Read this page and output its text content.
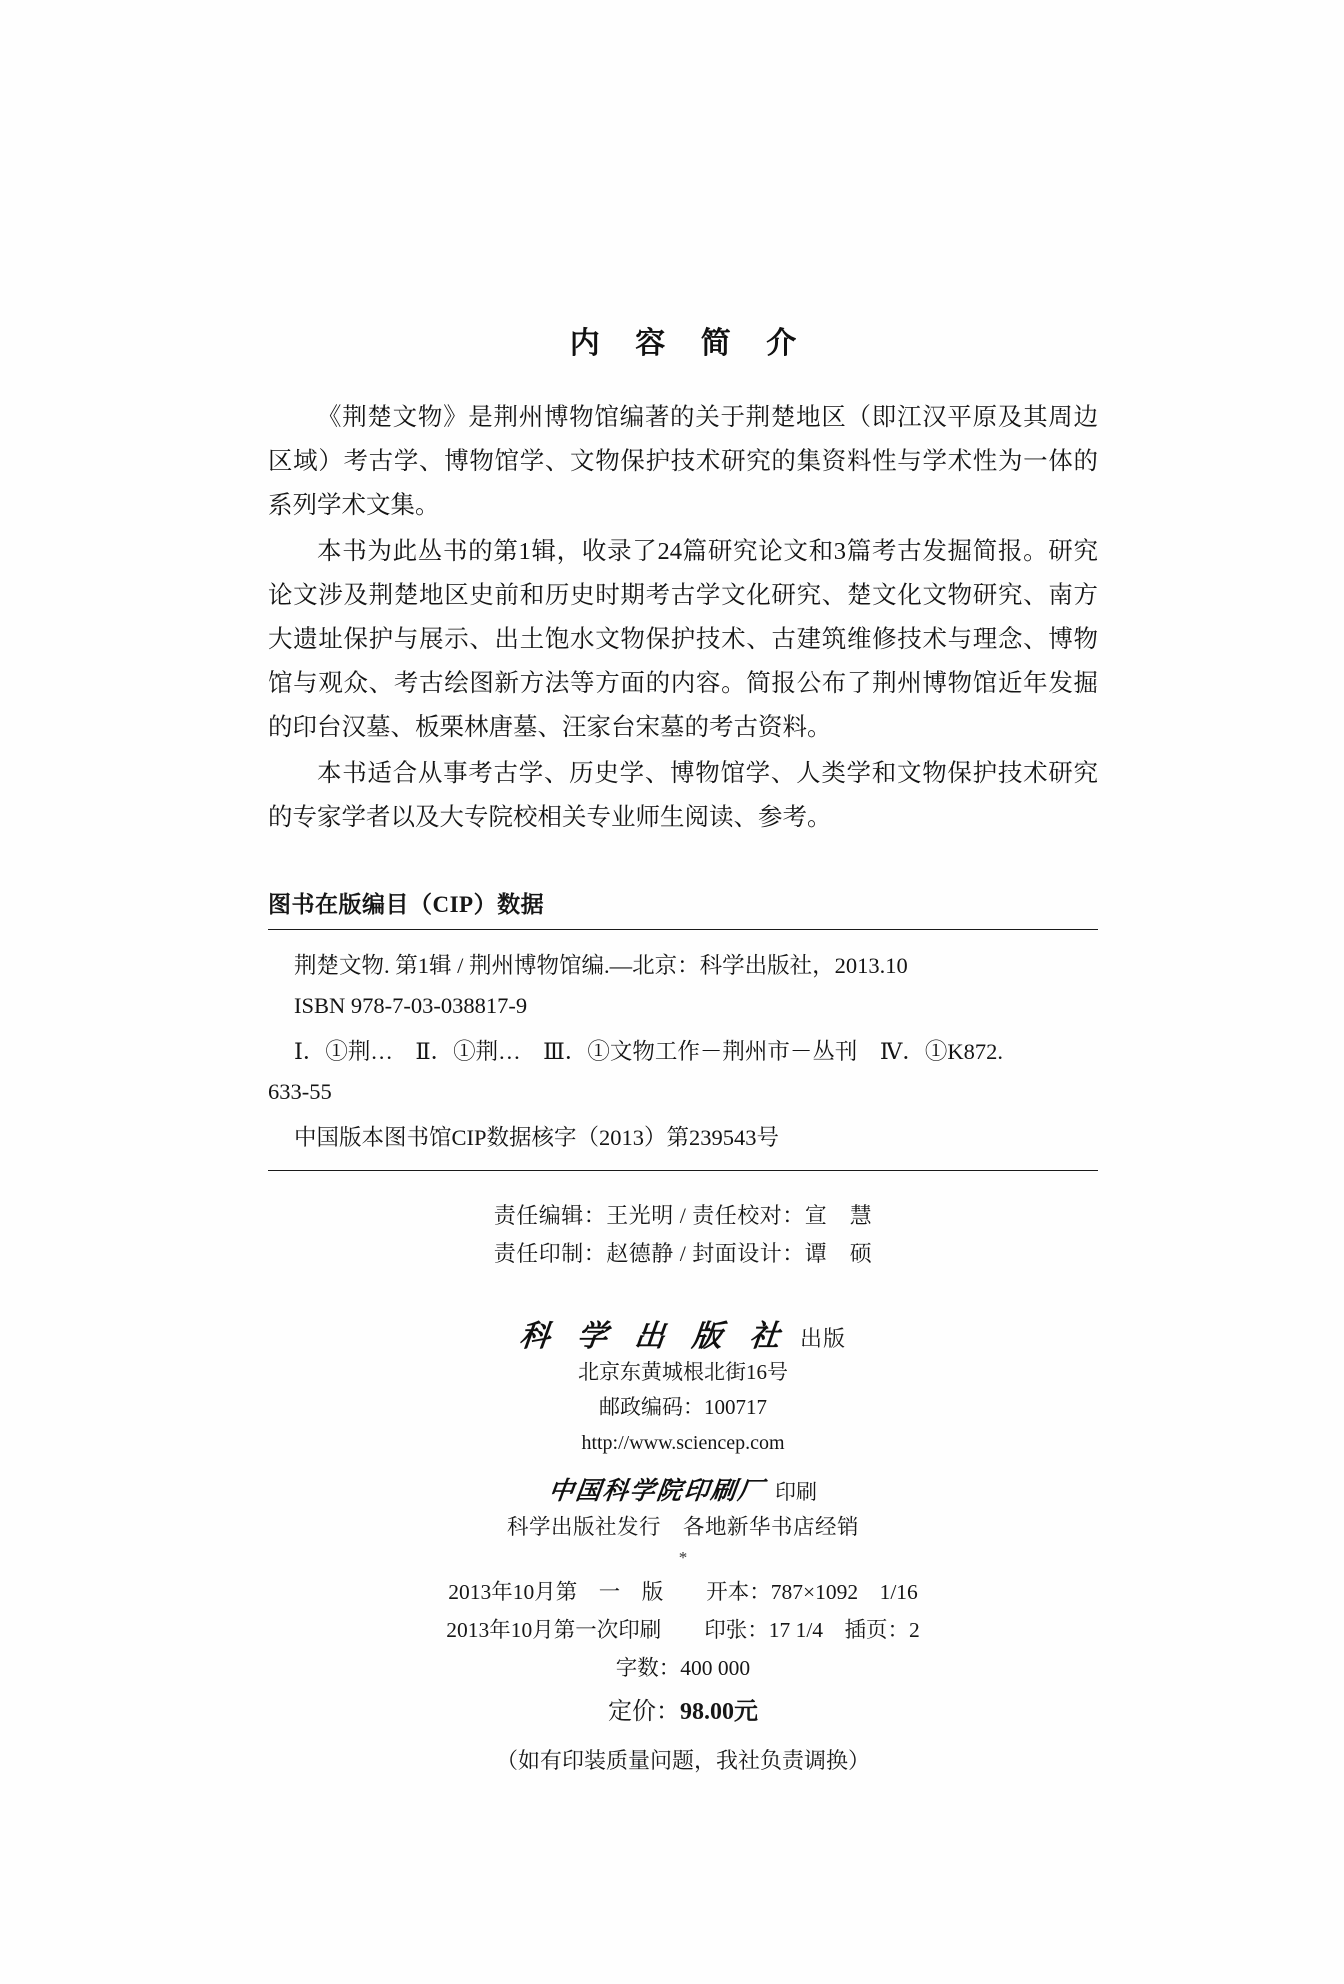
内 容 简 介

《荆楚文物》是荆州博物馆编著的关于荆楚地区（即江汉平原及其周边区域）考古学、博物馆学、文物保护技术研究的集资料性与学术性为一体的系列学术文集。

本书为此丛书的第1辑，收录了24篇研究论文和3篇考古发掘简报。研究论文涉及荆楚地区史前和历史时期考古学文化研究、楚文化文物研究、南方大遗址保护与展示、出土饱水文物保护技术、古建筑维修技术与理念、博物馆与观众、考古绘图新方法等方面的内容。简报公布了荆州博物馆近年发掘的印台汉墓、板栗林唐墓、汪家台宋墓的考古资料。

本书适合从事考古学、历史学、博物馆学、人类学和文物保护技术研究的专家学者以及大专院校相关专业师生阅读、参考。

图书在版编目（CIP）数据

荆楚文物. 第1辑 / 荆州博物馆编.—北京：科学出版社，2013.10

ISBN 978-7-03-038817-9

Ⅰ．①荆…　Ⅱ．①荆…　Ⅲ．①文物工作－荆州市－丛刊　Ⅳ．①K872.

633-55

中国版本图书馆CIP数据核字（2013）第239543号

责任编辑：王光明 / 责任校对：宣　慧
责任印制：赵德静 / 封面设计：谭　硕
科 学 出 版 社 出版
北京东黄城根北街16号
邮政编码：100717
http://www.sciencep.com
中国科学院印刷厂 印刷
科学出版社发行　各地新华书店经销
*
2013年10月第　一　版　　开本：787×1092　1/16
2013年10月第一次印刷　　印张：17 1/4　插页：2
字数：400 000
定价：98.00元
（如有印装质量问题，我社负责调换）
